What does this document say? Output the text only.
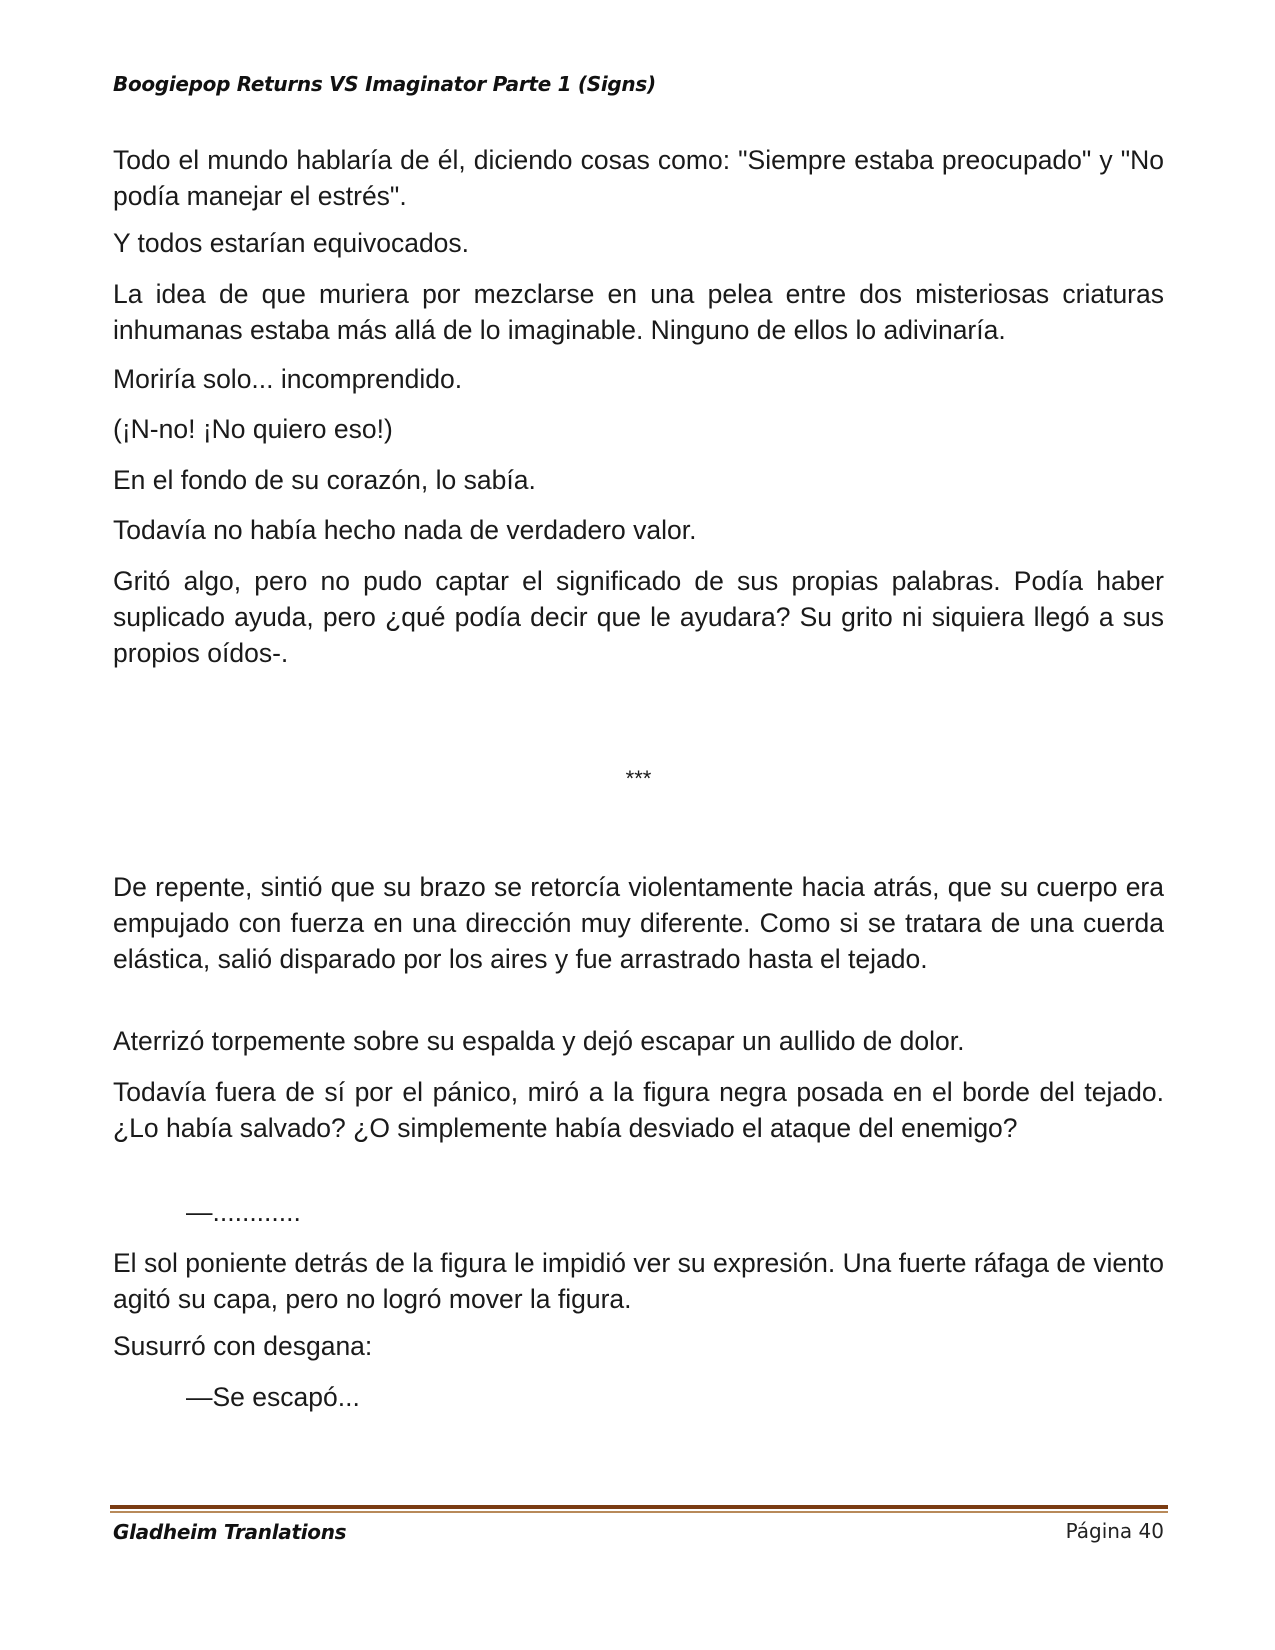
Boogiepop Returns VS Imaginator Parte 1 (Signs)

Todo el mundo hablaría de él, diciendo cosas como: "Siempre estaba preocupado" y "No podía manejar el estrés".

Y todos estarían equivocados.

La idea de que muriera por mezclarse en una pelea entre dos misteriosas criaturas inhumanas estaba más allá de lo imaginable. Ninguno de ellos lo adivinaría.

Moriría solo... incomprendido.

(¡N-no! ¡No quiero eso!)

En el fondo de su corazón, lo sabía.

Todavía no había hecho nada de verdadero valor.

Gritó algo, pero no pudo captar el significado de sus propias palabras. Podía haber suplicado ayuda, pero ¿qué podía decir que le ayudara? Su grito ni siquiera llegó a sus propios oídos-.

***

De repente, sintió que su brazo se retorcía violentamente hacia atrás, que su cuerpo era empujado con fuerza en una dirección muy diferente. Como si se tratara de una cuerda elástica, salió disparado por los aires y fue arrastrado hasta el tejado.

Aterrizó torpemente sobre su espalda y dejó escapar un aullido de dolor.

Todavía fuera de sí por el pánico, miró a la figura negra posada en el borde del tejado. ¿Lo había salvado? ¿O simplemente había desviado el ataque del enemigo?

—............

El sol poniente detrás de la figura le impidió ver su expresión. Una fuerte ráfaga de viento agitó su capa, pero no logró mover la figura.

Susurró con desgana:

—Se escapó...

Gladheim Tranlations	Página 40
